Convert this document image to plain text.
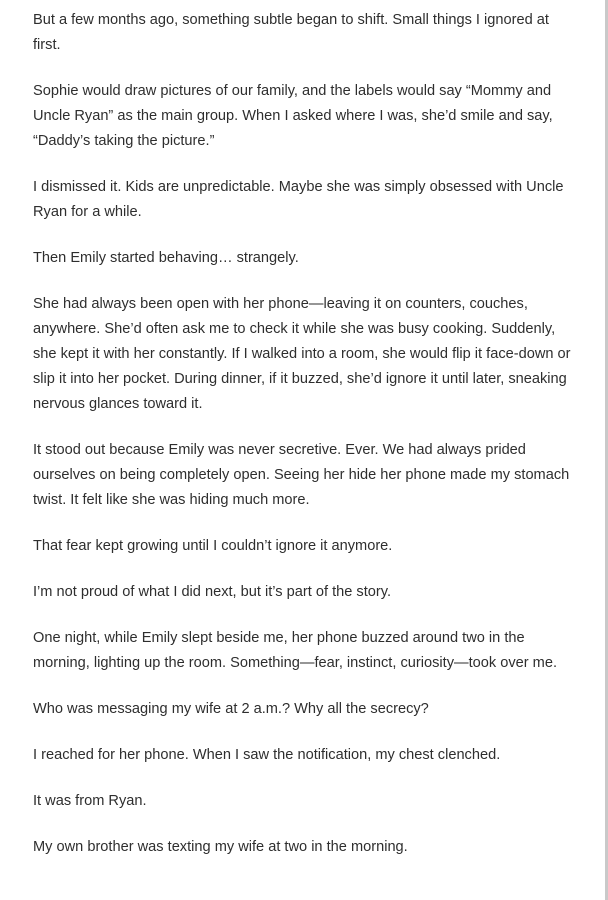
But a few months ago, something subtle began to shift. Small things I ignored at first.

Sophie would draw pictures of our family, and the labels would say “Mommy and Uncle Ryan” as the main group. When I asked where I was, she’d smile and say, “Daddy’s taking the picture.”

I dismissed it. Kids are unpredictable. Maybe she was simply obsessed with Uncle Ryan for a while.

Then Emily started behaving… strangely.

She had always been open with her phone—leaving it on counters, couches, anywhere. She’d often ask me to check it while she was busy cooking. Suddenly, she kept it with her constantly. If I walked into a room, she would flip it face-down or slip it into her pocket. During dinner, if it buzzed, she’d ignore it until later, sneaking nervous glances toward it.

It stood out because Emily was never secretive. Ever. We had always prided ourselves on being completely open. Seeing her hide her phone made my stomach twist. It felt like she was hiding much more.

That fear kept growing until I couldn’t ignore it anymore.

I’m not proud of what I did next, but it’s part of the story.

One night, while Emily slept beside me, her phone buzzed around two in the morning, lighting up the room. Something—fear, instinct, curiosity—took over me.

Who was messaging my wife at 2 a.m.? Why all the secrecy?

I reached for her phone. When I saw the notification, my chest clenched.

It was from Ryan.

My own brother was texting my wife at two in the morning.
